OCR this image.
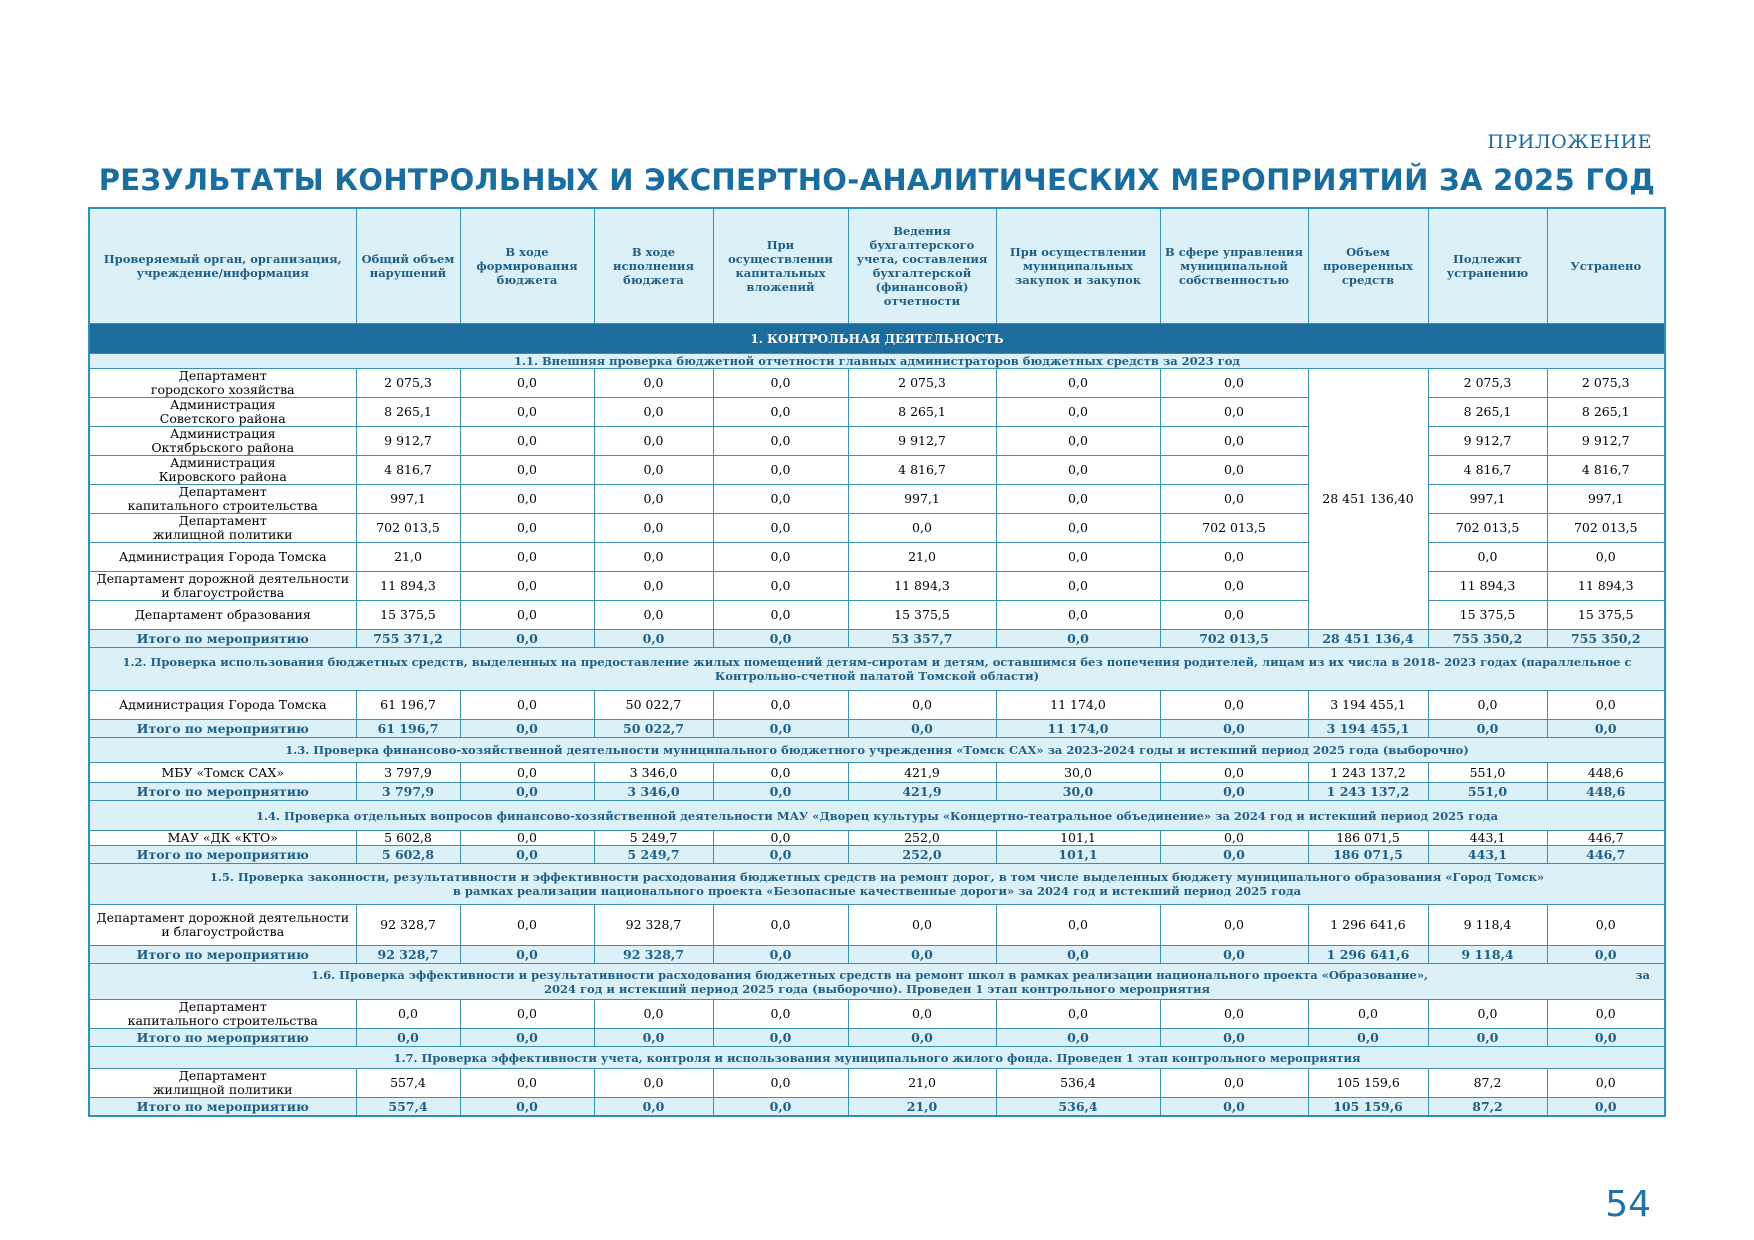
ПРИЛОЖЕНИЕ
РЕЗУЛЬТАТЫ КОНТРОЛЬНЫХ И ЭКСПЕРТНО-АНАЛИТИЧЕСКИХ МЕРОПРИЯТИЙ ЗА 2025 ГОД
Проверяемый орган, организация, учреждение/информация	Общий объем нарушений	В ходе формирования бюджета	В ходе исполнения бюджета	При осуществлении капитальных вложений	Ведения бухгалтерского учета, составления бухгалтерской (финансовой) отчетности	При осуществлении муниципальных закупок и закупок	В сфере управления муниципальной собственностью	Объем проверенных средств	Подлежит устранению	Устранено
1. КОНТРОЛЬНАЯ ДЕЯТЕЛЬНОСТЬ										
1.1. Внешняя проверка бюджетной отчетности главных администраторов бюджетных средств за 2023 год										
Департамент
городского хозяйства	2 075,3	0,0	0,0	0,0	2 075,3	0,0	0,0	28 451 136,40	2 075,3	2 075,3
Администрация
Советского района	8 265,1	0,0	0,0	0,0	8 265,1	0,0	0,0		8 265,1	8 265,1
Администрация
Октябрьского района	9 912,7	0,0	0,0	0,0	9 912,7	0,0	0,0		9 912,7	9 912,7
Администрация
Кировского района	4 816,7	0,0	0,0	0,0	4 816,7	0,0	0,0		4 816,7	4 816,7
Департамент
капитального строительства	997,1	0,0	0,0	0,0	997,1	0,0	0,0		997,1	997,1
Департамент
жилищной политики	702 013,5	0,0	0,0	0,0	0,0	0,0	702 013,5		702 013,5	702 013,5
Администрация Города Томска	21,0	0,0	0,0	0,0	21,0	0,0	0,0		0,0	0,0
Департамент дорожной деятельности
и благоустройства	11 894,3	0,0	0,0	0,0	11 894,3	0,0	0,0		11 894,3	11 894,3
Департамент образования	15 375,5	0,0	0,0	0,0	15 375,5	0,0	0,0		15 375,5	15 375,5
Итого по мероприятию	755 371,2	0,0	0,0	0,0	53 357,7	0,0	702 013,5	28 451 136,4	755 350,2	755 350,2
1.2. Проверка использования бюджетных средств, выделенных на предоставление жилых помещений детям-сиротам и детям, оставшимся без попечения родителей, лицам из их числа в 2018- 2023 годах (параллельное с Контрольно-счетной палатой Томской области)										
Администрация Города Томска	61 196,7	0,0	50 022,7	0,0	0,0	11 174,0	0,0	3 194 455,1	0,0	0,0
Итого по мероприятию	61 196,7	0,0	50 022,7	0,0	0,0	11 174,0	0,0	3 194 455,1	0,0	0,0
1.3. Проверка финансово-хозяйственной деятельности муниципального бюджетного учреждения «Томск САХ» за 2023-2024 годы и истекший период 2025 года (выборочно)										
МБУ «Томск САХ»	3 797,9	0,0	3 346,0	0,0	421,9	30,0	0,0	1 243 137,2	551,0	448,6
Итого по мероприятию	3 797,9	0,0	3 346,0	0,0	421,9	30,0	0,0	1 243 137,2	551,0	448,6
1.4. Проверка отдельных вопросов финансово-хозяйственной деятельности МАУ «Дворец культуры «Концертно-театральное объединение» за 2024 год и истекший период 2025 года										
МАУ «ДК «КТО»	5 602,8	0,0	5 249,7	0,0	252,0	101,1	0,0	186 071,5	443,1	446,7
Итого по мероприятию	5 602,8	0,0	5 249,7	0,0	252,0	101,1	0,0	186 071,5	443,1	446,7

1.5. Проверка законности, результативности и эффективности расходования бюджетных средств на ремонт дорог, в том числе выделенных бюджету муниципального образования «Город Томск»
в рамках реализации национального проекта «Безопасные качественные дороги» за 2024 год и истекший период 2025 года										

Департамент дорожной деятельности
и благоустройства	92 328,7	0,0	92 328,7	0,0	0,0	0,0	0,0	1 296 641,6	9 118,4	0,0
Итого по мероприятию	92 328,7	0,0	92 328,7	0,0	0,0	0,0	0,0	1 296 641,6	9 118,4	0,0

1.6. Проверка эффективности и результативности расходования бюджетных средств на ремонт школ в рамках реализации национального проекта «Образование», за
2024 год и истекший период 2025 года (выборочно). Проведен 1 этап контрольного мероприятия										

Департамент
капитального строительства	0,0	0,0	0,0	0,0	0,0	0,0	0,0	0,0	0,0	0,0
Итого по мероприятию	0,0	0,0	0,0	0,0	0,0	0,0	0,0	0,0	0,0	0,0
1.7. Проверка эффективности учета, контроля и использования муниципального жилого фонда. Проведен 1 этап контрольного мероприятия										
Департамент
жилищной политики	557,4	0,0	0,0	0,0	21,0	536,4	0,0	105 159,6	87,2	0,0
Итого по мероприятию	557,4	0,0	0,0	0,0	21,0	536,4	0,0	105 159,6	87,2	0,0
54
